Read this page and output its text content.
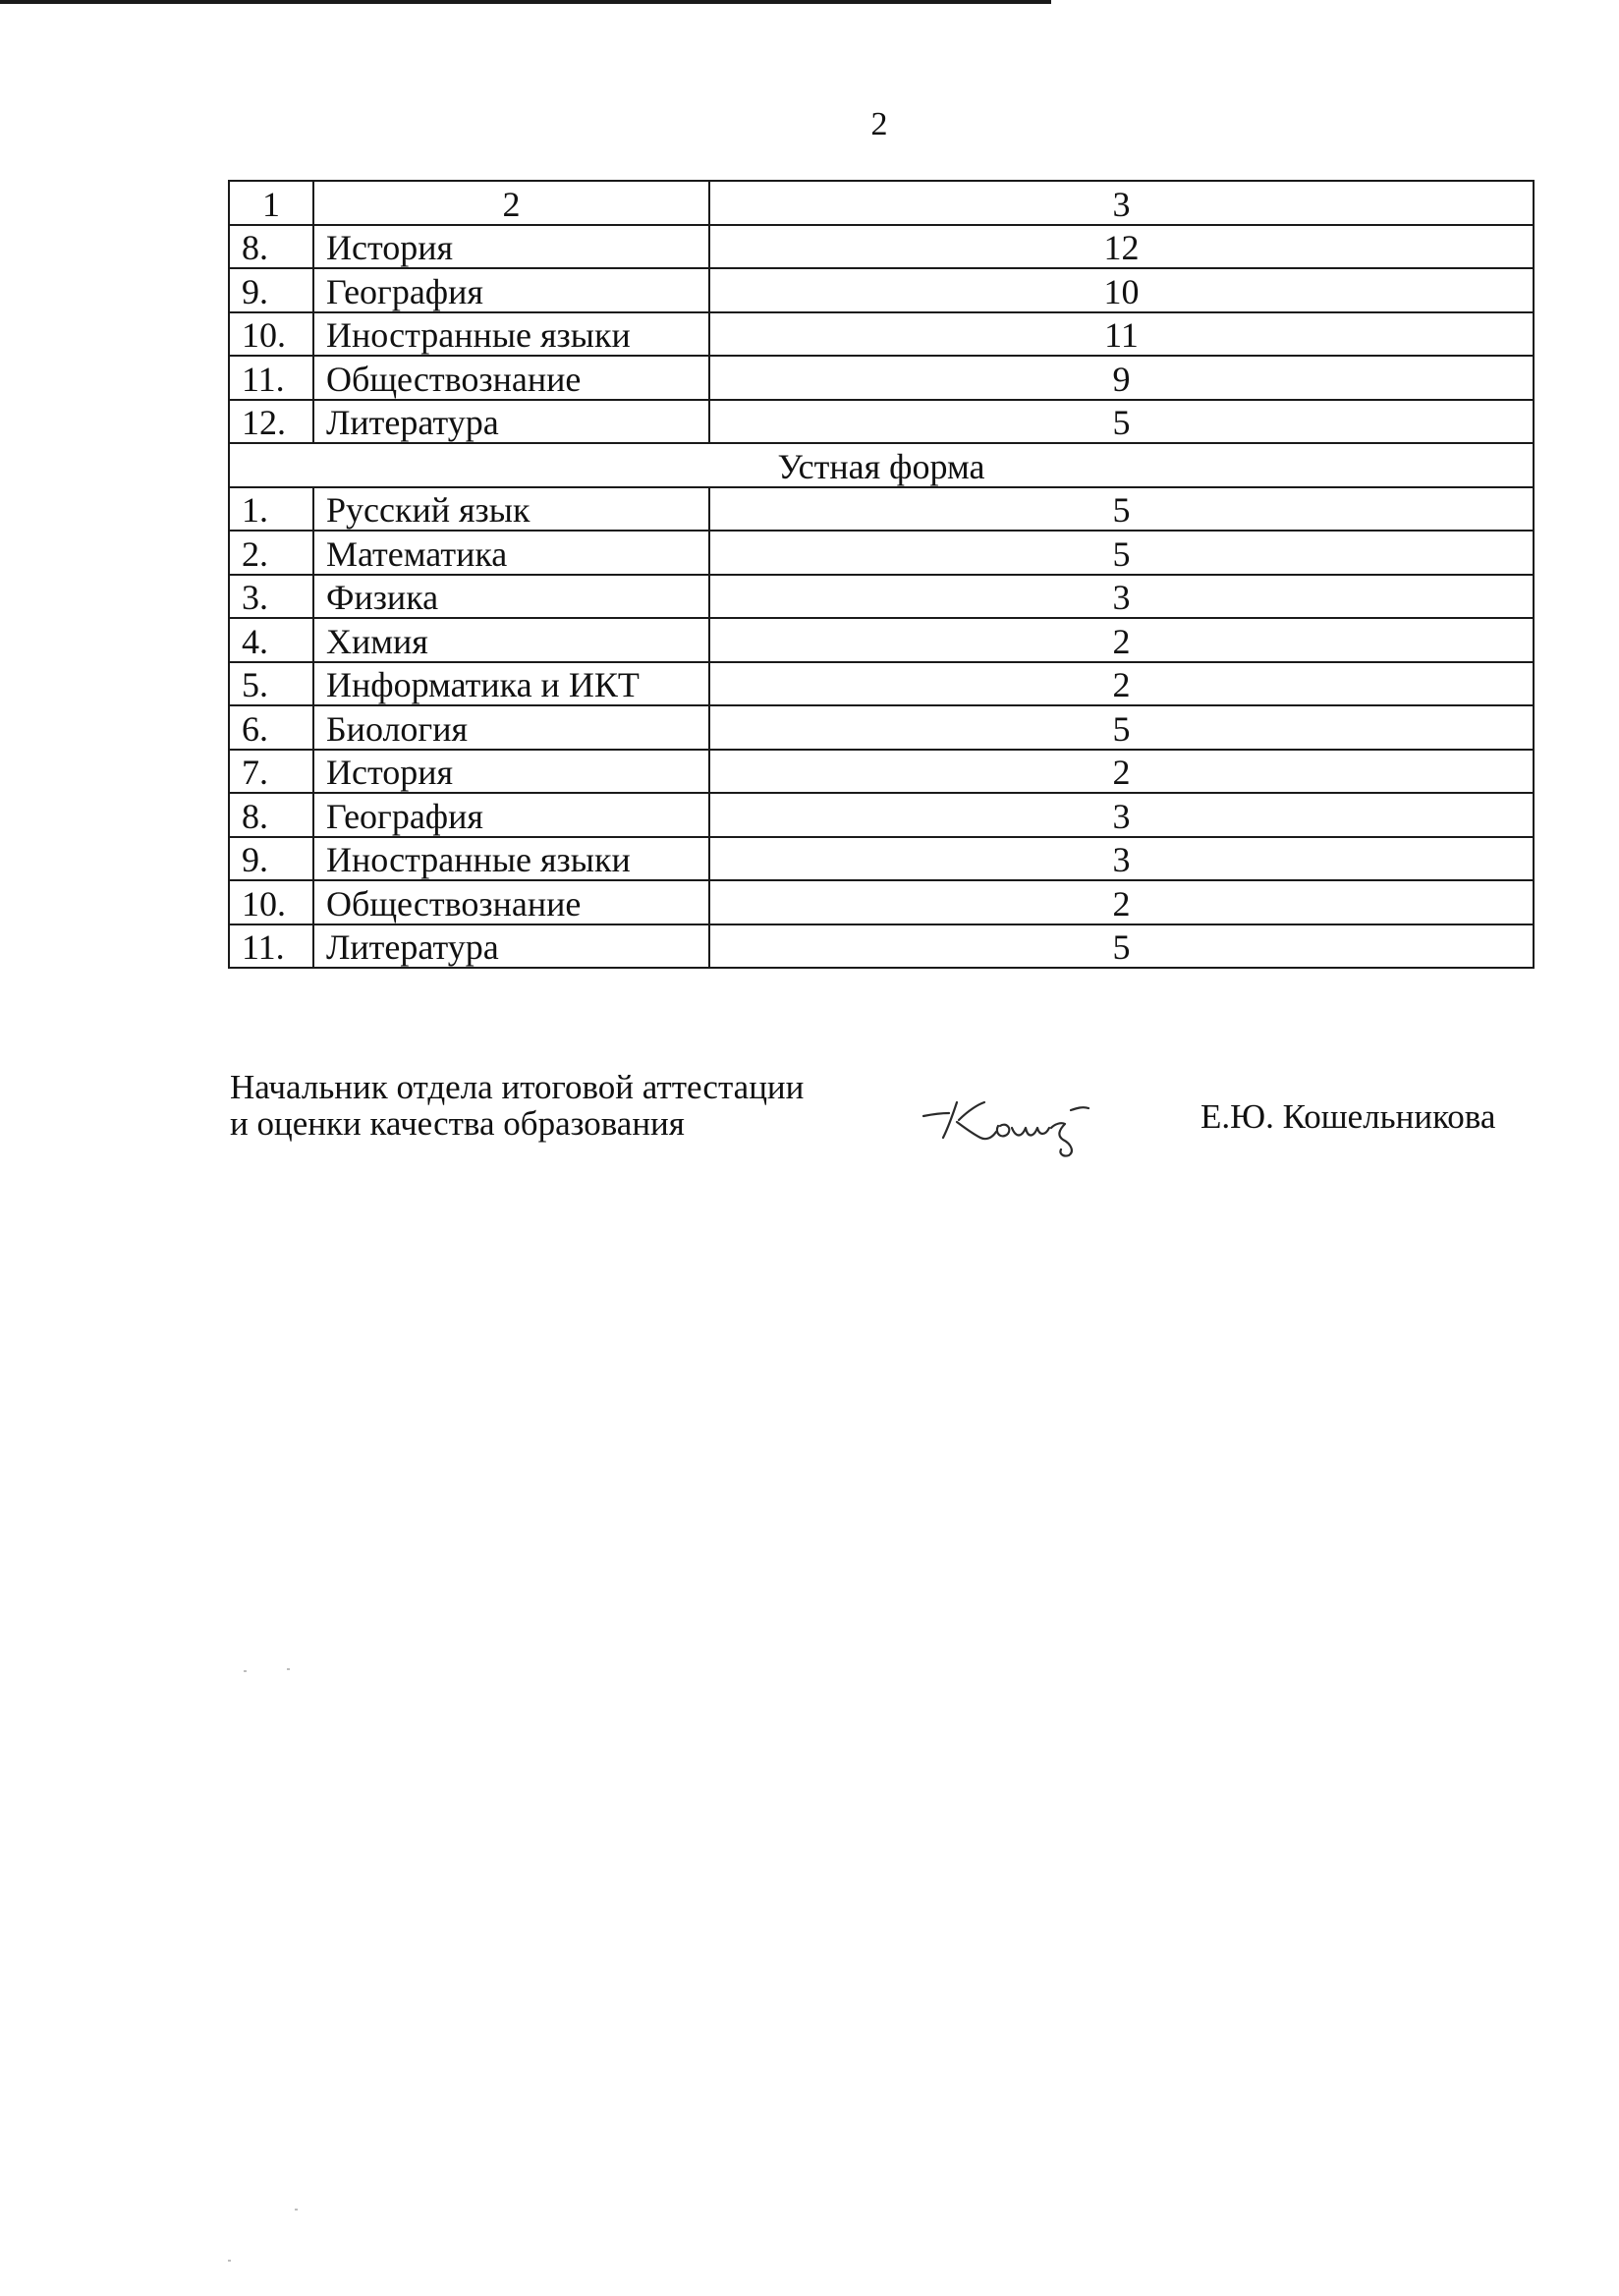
2
1	2	3
8.	История	12
9.	География	10
10.	Иностранные языки	11
11.	Обществознание	9
12.	Литература	5
Устная форма		
1.	Русский язык	5
2.	Математика	5
3.	Физика	3
4.	Химия	2
5.	Информатика и ИКТ	2
6.	Биология	5
7.	История	2
8.	География	3
9.	Иностранные языки	3
10.	Обществознание	2
11.	Литература	5
Начальник отдела итоговой аттестации
и оценки качества образования	Е.Ю. Кошельникова
